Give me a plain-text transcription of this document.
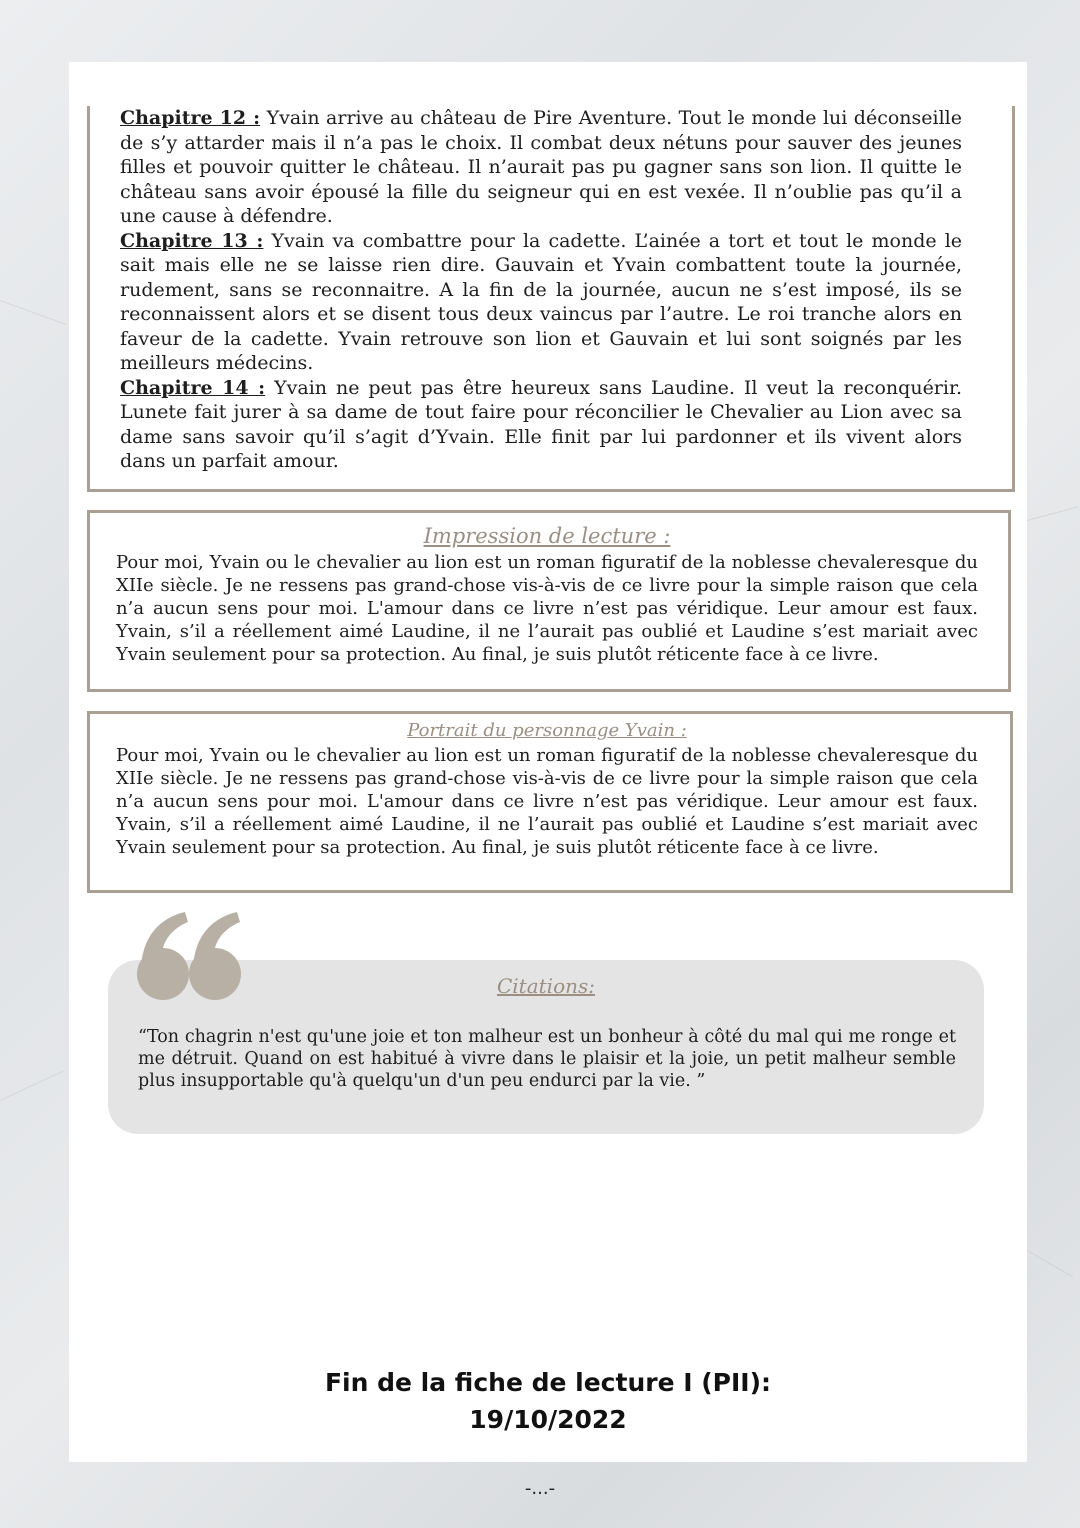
Chapitre 12 : Yvain arrive au château de Pire Aventure. Tout le monde lui déconseille de s’y attarder mais il n’a pas le choix. Il combat deux nétuns pour sauver des jeunes filles et pouvoir quitter le château. Il n’aurait pas pu gagner sans son lion. Il quitte le château sans avoir épousé la fille du seigneur qui en est vexée. Il n’oublie pas qu’il a une cause à défendre.

Chapitre 13 : Yvain va combattre pour la cadette. L’ainée a tort et tout le monde le sait mais elle ne se laisse rien dire. Gauvain et Yvain combattent toute la journée, rudement, sans se reconnaitre. A la fin de la journée, aucun ne s’est imposé, ils se reconnaissent alors et se disent tous deux vaincus par l’autre. Le roi tranche alors en faveur de la cadette. Yvain retrouve son lion et Gauvain et lui sont soignés par les meilleurs médecins.

Chapitre 14 : Yvain ne peut pas être heureux sans Laudine. Il veut la reconquérir. Lunete fait jurer à sa dame de tout faire pour réconcilier le Chevalier au Lion avec sa dame sans savoir qu’il s’agit d’Yvain. Elle finit par lui pardonner et ils vivent alors dans un parfait amour.

Impression de lecture :

Pour moi, Yvain ou le chevalier au lion est un roman figuratif de la noblesse chevaleresque du XIIe siècle. Je ne ressens pas grand-chose vis-à-vis de ce livre pour la simple raison que cela n’a aucun sens pour moi. L'amour dans ce livre n’est pas véridique. Leur amour est faux. Yvain, s’il a réellement aimé Laudine, il ne l’aurait pas oublié et Laudine s’est mariait avec Yvain seulement pour sa protection. Au final, je suis plutôt réticente face à ce livre.

Portrait du personnage Yvain :

Pour moi, Yvain ou le chevalier au lion est un roman figuratif de la noblesse chevaleresque du XIIe siècle. Je ne ressens pas grand-chose vis-à-vis de ce livre pour la simple raison que cela n’a aucun sens pour moi. L'amour dans ce livre n’est pas véridique. Leur amour est faux. Yvain, s’il a réellement aimé Laudine, il ne l’aurait pas oublié et Laudine s’est mariait avec Yvain seulement pour sa protection. Au final, je suis plutôt réticente face à ce livre.

Citations:

“Ton chagrin n'est qu'une joie et ton malheur est un bonheur à côté du mal qui me ronge et me détruit. Quand on est habitué à vivre dans le plaisir et la joie, un petit malheur semble plus insupportable qu'à quelqu'un d'un peu endurci par la vie. ”

Fin de la fiche de lecture I (PII):
19/10/2022
-...-
